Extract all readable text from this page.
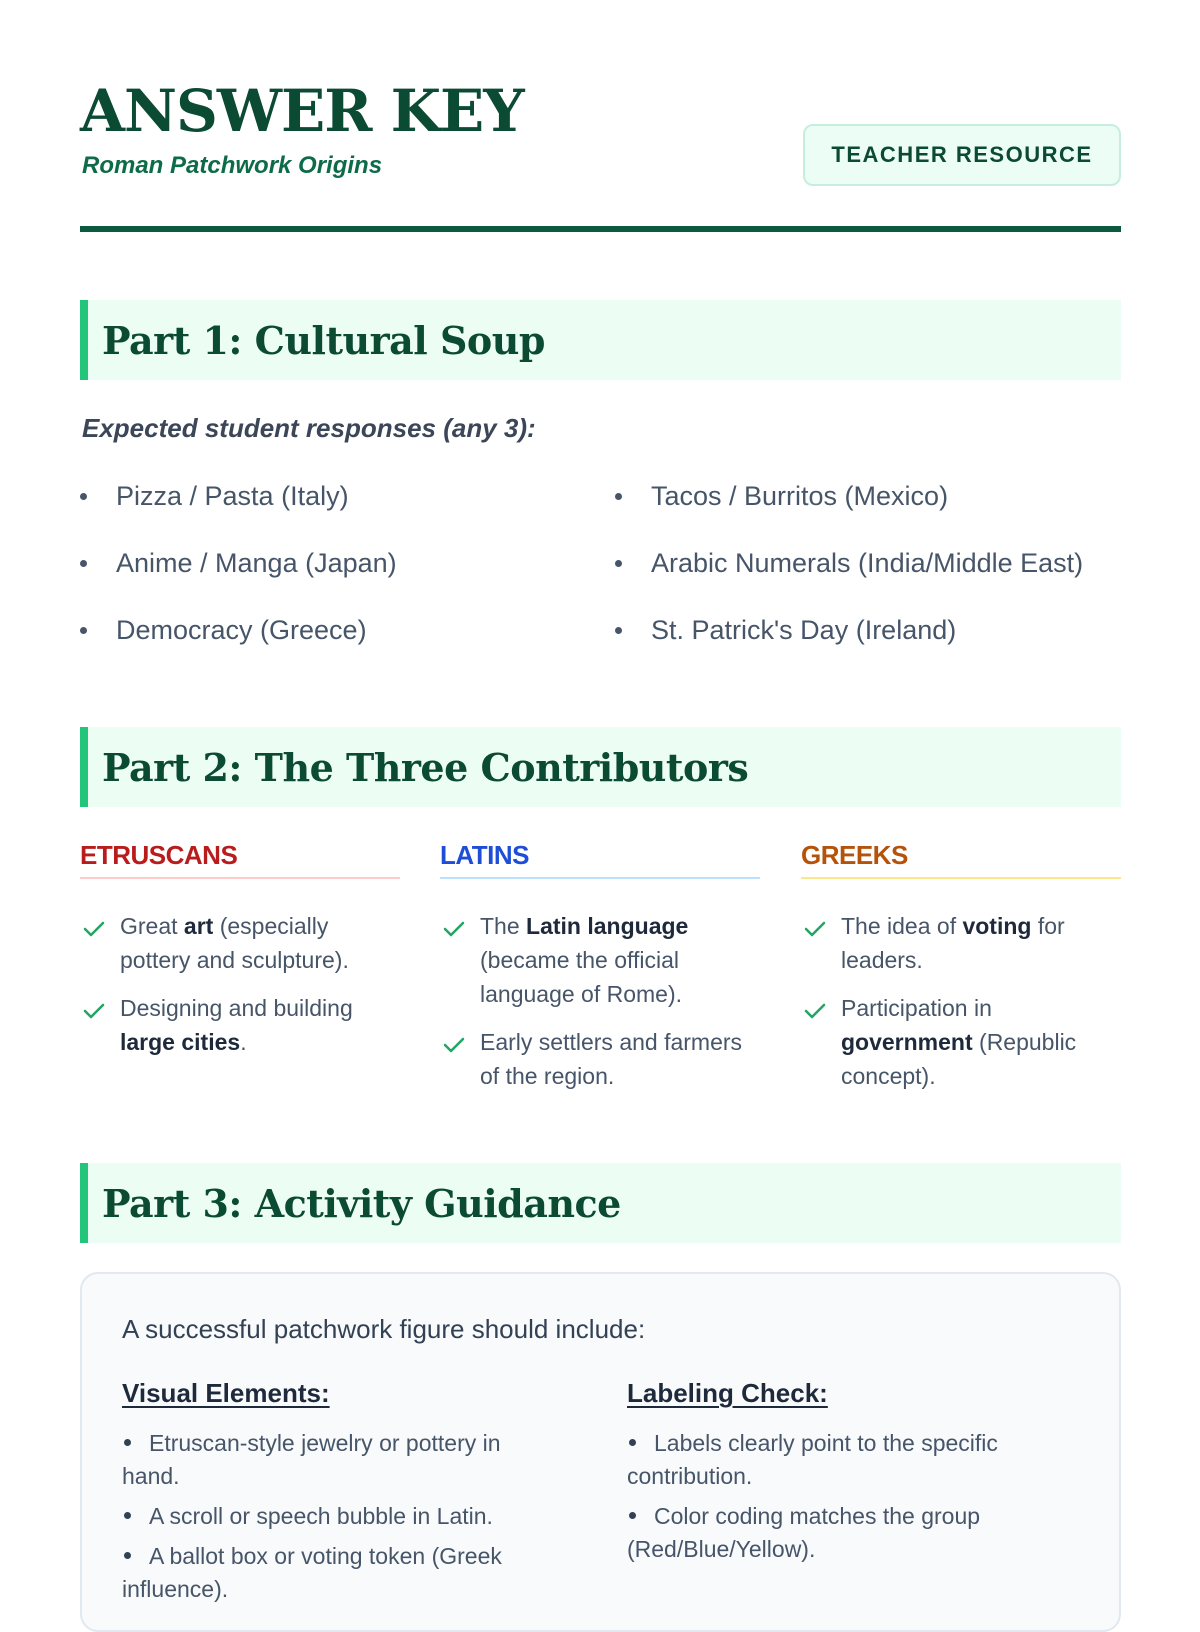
ANSWER KEY
Roman Patchwork Origins	TEACHER RESOURCE
Part 1: Cultural Soup
Expected student responses (any 3):
Pizza / Pasta (Italy)
Anime / Manga (Japan)
Democracy (Greece)
Tacos / Burritos (Mexico)
Arabic Numerals (India/Middle East)
St. Patrick's Day (Ireland)
Part 2: The Three Contributors
ETRUSCANS
Great art (especially pottery and sculpture).
Designing and building large cities.
LATINS
The Latin language (became the official language of Rome).
Early settlers and farmers of the region.
GREEKS
The idea of voting for leaders.
Participation in government (Republic concept).
Part 3: Activity Guidance
A successful patchwork figure should include:
Visual Elements:
Etruscan-style jewelry or pottery in hand.
A scroll or speech bubble in Latin.
A ballot box or voting token (Greek influence).
Labeling Check:
Labels clearly point to the specific contribution.
Color coding matches the group (Red/Blue/Yellow).
